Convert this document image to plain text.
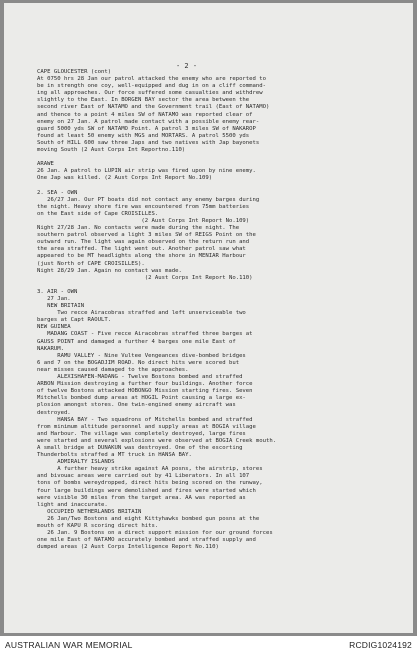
- 2 -
CAPE GLOUCESTER (cont)
At 0750 hrs 28 Jan our patrol attacked the enemy who are reported to
be in strength one coy, well-equipped and dug in on a cliff command-
ing all approaches. Our force suffered some casualties and withdrew
slightly to the East. In BORGEN BAY sector the area between the
second river East of NATAMO and the Government trail (East of NATAMO)
and thence to a point 4 miles SW of NATAMO was reported clear of
enemy on 27 Jan. A patrol made contact with a possible enemy rear-
guard 5000 yds SW of NATAMO Point. A patrol 3 miles SW of NAKAROP
found at least 50 enemy with MGS and MORTARS. A patrol 5500 yds
South of HILL 600 saw three Japs and two natives with Jap bayonets
moving South (2 Aust Corps Int Reportno.110)
ARAWE
26 Jan. A patrol to LUPIN air strip was fired upon by nine enemy.
One Jap was killed. (2 Aust Corps Int Report No.109)
2. SEA - OWN
26/27 Jan. Our PT boats did not contact any enemy barges during
the night. Heavy shore fire was encountered from 75mm batteries
on the East side of Cape CROISILLES.
(2 Aust Corps Int Report No.109)
Night 27/28 Jan. No contacts were made during the night. The
southern patrol observed a light 3 miles SW of REIGS Point on the
outward run. The light was again observed on the return run and
the area straffed. The light went out. Another patrol saw what
appeared to be MT headlights along the shore in MENIAR Harbour
(just North of CAPE CROISILLES).
Night 28/29 Jan. Again no contact was made.
(2 Aust Corps Int Report No.110)
3. AIR - OWN
27 Jan.
NEW BRITAIN
Two recce Airacobras straffed and left unserviceable two
barges at Capt RAOULT.
NEW GUINEA
MADANG COAST - Five recce Airacobras straffed three barges at
GAUSS POINT and damaged a further 4 barges one mile East of
NAKARUM.
RAMU VALLEY - Nine Vultee Vengeances dive-bombed bridges
6 and 7 on the BOGADJIM ROAD. No direct hits were scored but
near misses caused damaged to the approaches.
ALEXISHAFEN-MADANG - Twelve Bostons bombed and straffed
ARBON Mission destroying a further four buildings. Another force
of twelve Bostons attacked HOBONGO Mission starting fires. Seven
Mitchells bombed dump areas at HOGIL Point causing a large ex-
plosion amongst stores. One twin-engined enemy aircraft was
destroyed.
HANSA BAY - Two squadrons of Mitchells bombed and straffed
from minimum altitude personnel and supply areas at BOGIA village
and Harbour. The village was completely destroyed, large fires
were started and several explosions were observed at BOGIA Creek mouth.
A small bridge at DUNAKUN was destroyed. One of the escorting
Thunderbolts straffed a MT truck in HANSA BAY.
ADMIRALTY ISLANDS
A further heavy strike against AA posns, the airstrip, stores
and bivouac areas were carried out by 41 Liberators. In all 107
tons of bombs wereydropped, direct hits being scored on the runway,
four large buildings were demolished and fires were started which
were visible 30 miles from the target area. AA was reported as
light and inaccurate.
OCCUPIED NETHERLANDS BRITAIN
26 Jan/Two Bostons and eight Kittyhawks bombed gun posns at the
mouth of KAPU R scoring direct hits.
26 Jan. 9 Bostons on a direct support mission for our ground forces
one mile East of NATAMO accurately bombed and straffed supply and
dumped areas (2 Aust Corps Intelligence Report No.110)
AUSTRALIAN WAR MEMORIAL	RCDIG1024192
